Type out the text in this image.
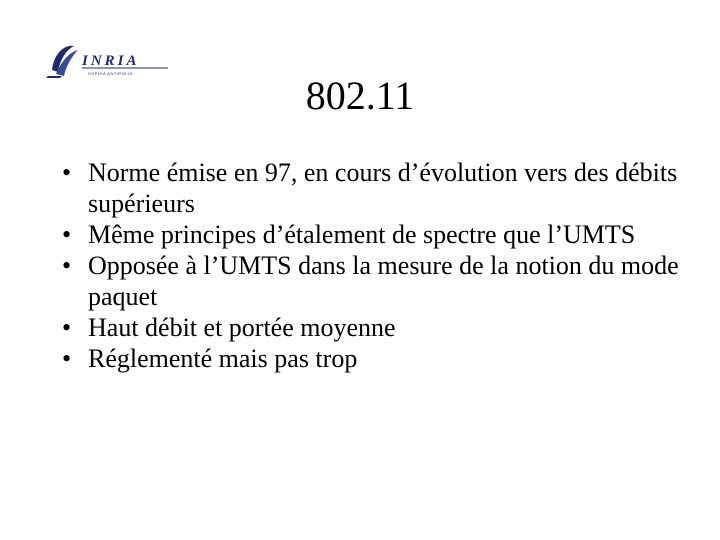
INRIA
SOPHIA ANTIPOLIS	802.11
• Norme émise en 97, en cours d’évolution vers des débits supérieurs
• Même principes d’étalement de spectre que l’UMTS
• Opposée à l’UMTS dans la mesure de la notion du mode paquet
• Haut débit et portée moyenne
• Réglementé mais pas trop
